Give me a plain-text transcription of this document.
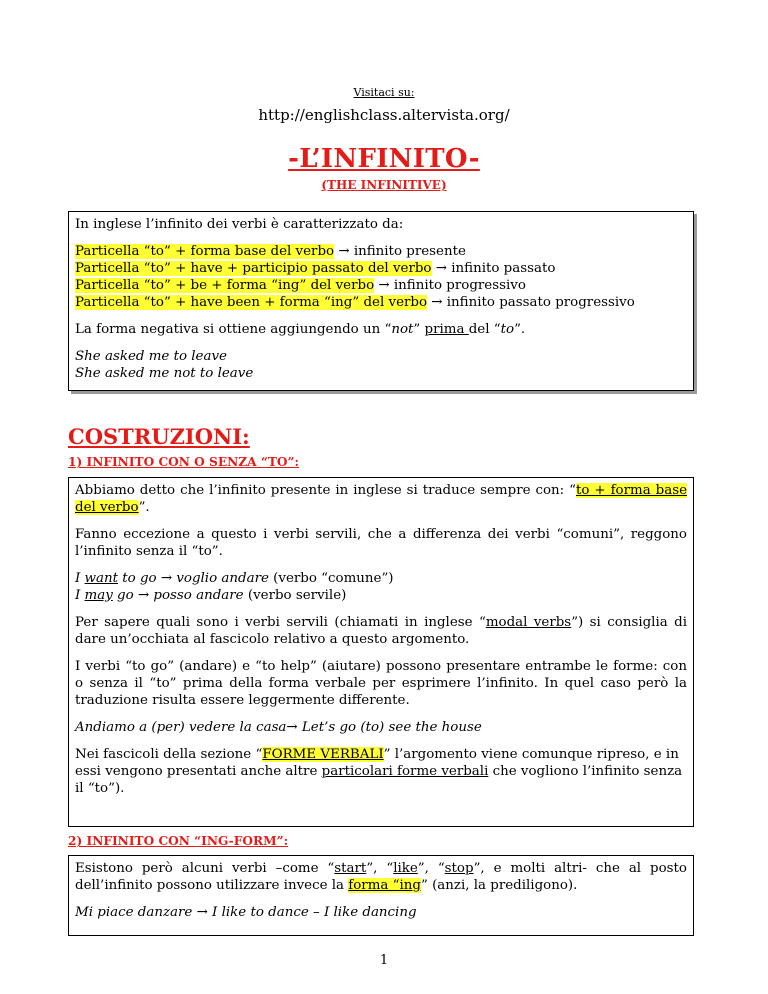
Visitaci su:
http://englishclass.altervista.org/
-L’INFINITO-
(THE INFINITIVE)

In inglese l’infinito dei verbi è caratterizzato da:

Particella “to” + forma base del verbo → infinito presente

Particella “to” + have + participio passato del verbo → infinito passato

Particella “to” + be + forma “ing” del verbo → infinito progressivo

Particella “to” + have been + forma “ing” del verbo → infinito passato progressivo

La forma negativa si ottiene aggiungendo un “not” prima del “to”.

She asked me to leave

She asked me not to leave

COSTRUZIONI:
1) INFINITO CON O SENZA “TO”:

Abbiamo detto che l’infinito presente in inglese si traduce sempre con: “to + forma base del verbo”.

Fanno eccezione a questo i verbi servili, che a differenza dei verbi “comuni”, reggono l’infinito senza il “to”.

I want to go → voglio andare (verbo “comune”)

I may go → posso andare (verbo servile)

Per sapere quali sono i verbi servili (chiamati in inglese “modal verbs”) si consiglia di dare un’occhiata al fascicolo relativo a questo argomento.

I verbi “to go” (andare) e “to help” (aiutare) possono presentare entrambe le forme: con o senza il “to” prima della forma verbale per esprimere l’infinito. In quel caso però la traduzione risulta essere leggermente differente.

Andiamo a (per) vedere la casa→ Let’s go (to) see the house

Nei fascicoli della sezione “FORME VERBALI” l’argomento viene comunque ripreso, e in essi vengono presentati anche altre particolari forme verbali che vogliono l’infinito senza il “to”).

2) INFINITO CON “ING-FORM”:

Esistono però alcuni verbi –come “start”, “like”, “stop”, e molti altri- che al posto dell’infinito possono utilizzare invece la forma “ing” (anzi, la prediligono).

Mi piace danzare → I like to dance – I like dancing

1
